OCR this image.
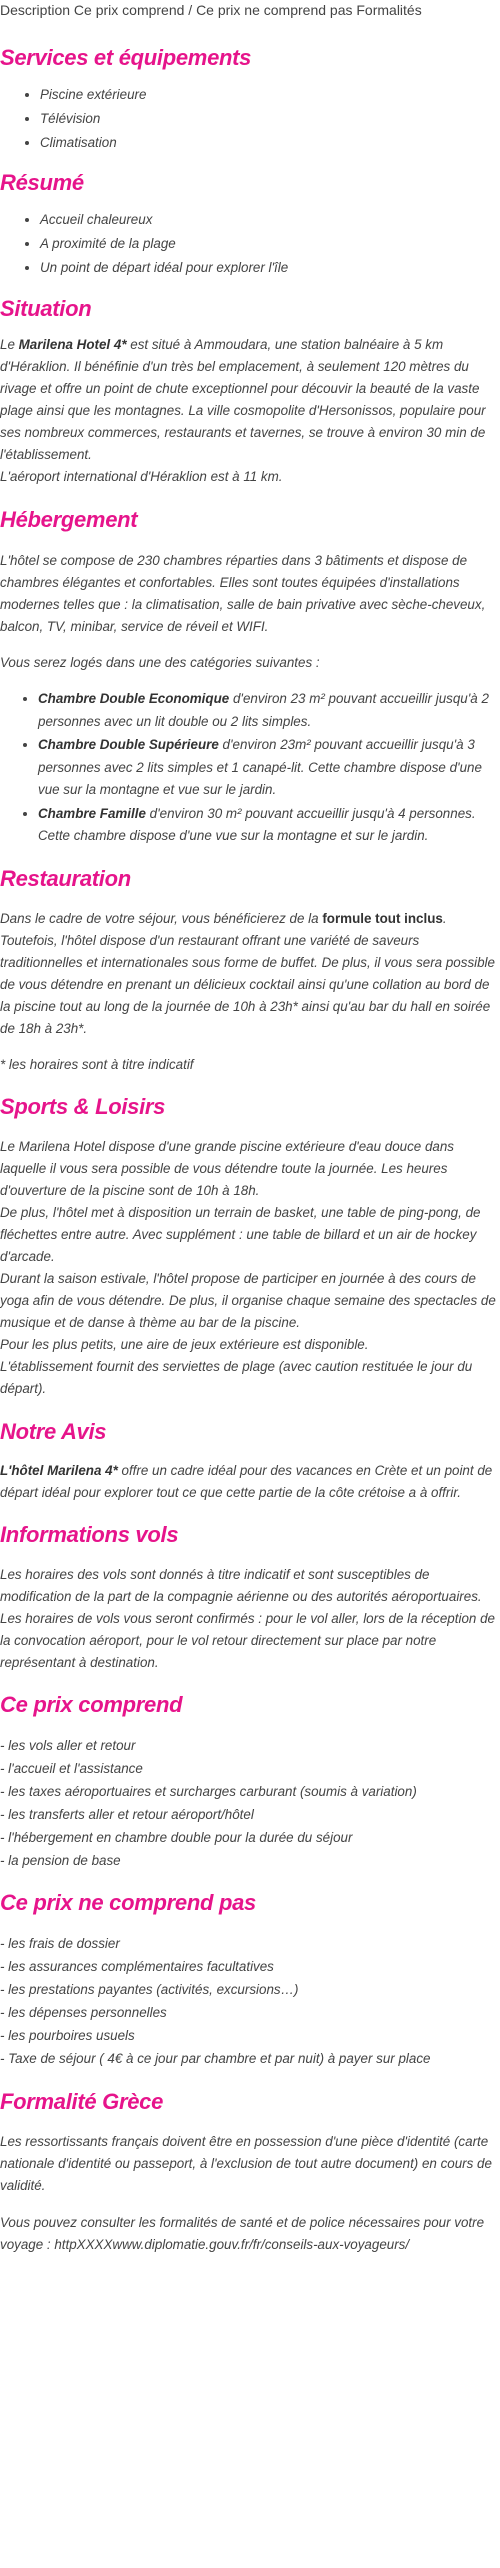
Description Ce prix comprend / Ce prix ne comprend pas Formalités
Services et équipements
• Piscine extérieure
• Télévision
• Climatisation
Résumé
• Accueil chaleureux
• A proximité de la plage
• Un point de départ idéal pour explorer l'île
Situation

Le Marilena Hotel 4* est situé à Ammoudara, une station balnéaire à 5 km d'Héraklion. Il bénéfinie d'un très bel emplacement, à seulement 120 mètres du rivage et offre un point de chute exceptionnel pour découvir la beauté de la vaste plage ainsi que les montagnes. La ville cosmopolite d'Hersonissos, populaire pour ses nombreux commerces, restaurants et tavernes, se trouve à environ 30 min de l'établissement.

L'aéroport international d'Héraklion est à 11 km.

Hébergement

L'hôtel se compose de 230 chambres réparties dans 3 bâtiments et dispose de chambres élégantes et confortables. Elles sont toutes équipées d'installations modernes telles que : la climatisation, salle de bain privative avec sèche-cheveux, balcon, TV, minibar, service de réveil et WIFI.

Vous serez logés dans une des catégories suivantes :

• Chambre Double Economique d'environ 23 m² pouvant accueillir jusqu'à 2 personnes avec un lit double ou 2 lits simples.
• Chambre Double Supérieure d'environ 23m² pouvant accueillir jusqu'à 3 personnes avec 2 lits simples et 1 canapé-lit. Cette chambre dispose d'une vue sur la montagne et vue sur le jardin.
• Chambre Famille d'environ 30 m² pouvant accueillir jusqu'à 4 personnes. Cette chambre dispose d'une vue sur la montagne et sur le jardin.
Restauration

Dans le cadre de votre séjour, vous bénéficierez de la formule tout inclus. Toutefois, l'hôtel dispose d'un restaurant offrant une variété de saveurs traditionnelles et internationales sous forme de buffet. De plus, il vous sera possible de vous détendre en prenant un délicieux cocktail ainsi qu'une collation au bord de la piscine tout au long de la journée de 10h à 23h* ainsi qu'au bar du hall en soirée de 18h à 23h*.

* les horaires sont à titre indicatif

Sports & Loisirs

Le Marilena Hotel dispose d'une grande piscine extérieure d'eau douce dans laquelle il vous sera possible de vous détendre toute la journée. Les heures d'ouverture de la piscine sont de 10h à 18h.

De plus, l'hôtel met à disposition un terrain de basket, une table de ping-pong, de fléchettes entre autre. Avec supplément : une table de billard et un air de hockey d'arcade.

Durant la saison estivale, l'hôtel propose de participer en journée à des cours de yoga afin de vous détendre. De plus, il organise chaque semaine des spectacles de musique et de danse à thème au bar de la piscine.

Pour les plus petits, une aire de jeux extérieure est disponible.

L'établissement fournit des serviettes de plage (avec caution restituée le jour du départ).

Notre Avis

L'hôtel Marilena 4* offre un cadre idéal pour des vacances en Crète et un point de départ idéal pour explorer tout ce que cette partie de la côte crétoise a à offrir.

Informations vols

Les horaires des vols sont donnés à titre indicatif et sont susceptibles de modification de la part de la compagnie aérienne ou des autorités aéroportuaires.

Les horaires de vols vous seront confirmés : pour le vol aller, lors de la réception de la convocation aéroport, pour le vol retour directement sur place par notre représentant à destination.

Ce prix comprend
- les vols aller et retour
- l'accueil et l'assistance
- les taxes aéroportuaires et surcharges carburant (soumis à variation)
- les transferts aller et retour aéroport/hôtel
- l'hébergement en chambre double pour la durée du séjour
- la pension de base
Ce prix ne comprend pas
- les frais de dossier
- les assurances complémentaires facultatives
- les prestations payantes (activités, excursions…)
- les dépenses personnelles
- les pourboires usuels
- Taxe de séjour ( 4€ à ce jour par chambre et par nuit) à payer sur place
Formalité Grèce

Les ressortissants français doivent être en possession d'une pièce d'identité (carte nationale d'identité ou passeport, à l'exclusion de tout autre document) en cours de validité.

Vous pouvez consulter les formalités de santé et de police nécessaires pour votre voyage : httpXXXXwww.diplomatie.gouv.fr/fr/conseils-aux-voyageurs/
